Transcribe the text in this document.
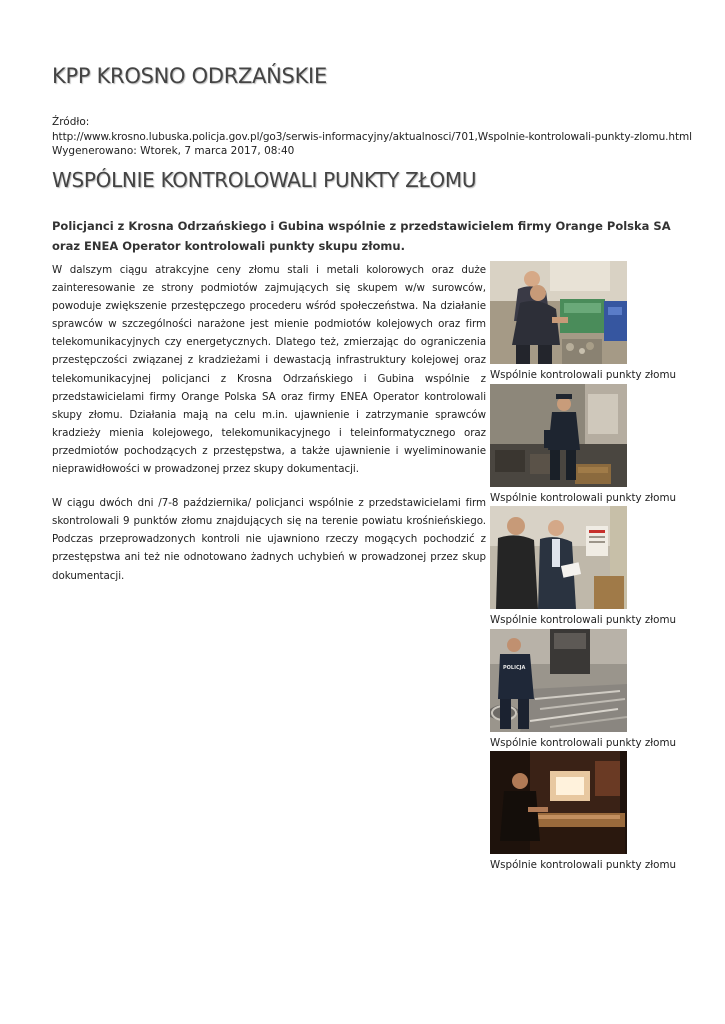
KPP KROSNO ODRZAŃSKIE
Źródło:
http://www.krosno.lubuska.policja.gov.pl/go3/serwis-informacyjny/aktualnosci/701,Wspolnie-kontrolowali-punkty-zlomu.html
Wygenerowano: Wtorek, 7 marca 2017, 08:40
WSPÓLNIE KONTROLOWALI PUNKTY ZŁOMU

Policjanci z Krosna Odrzańskiego i Gubina wspólnie z przedstawicielem firmy Orange Polska SA oraz ENEA Operator kontrolowali punkty skupu złomu.

W dalszym ciągu atrakcyjne ceny złomu stali i metali kolorowych oraz duże zainteresowanie ze strony podmiotów zajmujących się skupem w/w surowców, powoduje zwiększenie przestępczego procederu wśród społeczeństwa. Na działanie sprawców w szczególności narażone jest mienie podmiotów kolejowych oraz firm telekomunikacyjnych czy energetycznych. Dlatego też, zmierzając do ograniczenia przestępczości związanej z kradzieżami i dewastacją infrastruktury kolejowej oraz telekomunikacyjnej policjanci z Krosna Odrzańskiego i Gubina wspólnie z przedstawicielami firmy Orange Polska SA oraz firmy ENEA Operator kontrolowali skupy złomu. Działania mają na celu m.in. ujawnienie i zatrzymanie sprawców kradzieży mienia kolejowego, telekomunikacyjnego i teleinformatycznego oraz przedmiotów pochodzących z przestępstwa, a także ujawnienie i wyeliminowanie nieprawidłowości w prowadzonej przez skupy dokumentacji.

W ciągu dwóch dni /7-8 października/ policjanci wspólnie z przedstawicielami firm skontrolowali 9 punktów złomu znajdujących się na terenie powiatu krośnieńskiego. Podczas przeprowadzonych kontroli nie ujawniono rzeczy mogących pochodzić z przestępstwa ani też nie odnotowano żadnych uchybień w prowadzonej przez skup dokumentacji.

Wspólnie kontrolowali punkty złomu
Wspólnie kontrolowali punkty złomu
Wspólnie kontrolowali punkty złomu
POLICJA
Wspólnie kontrolowali punkty złomu
Wspólnie kontrolowali punkty złomu
